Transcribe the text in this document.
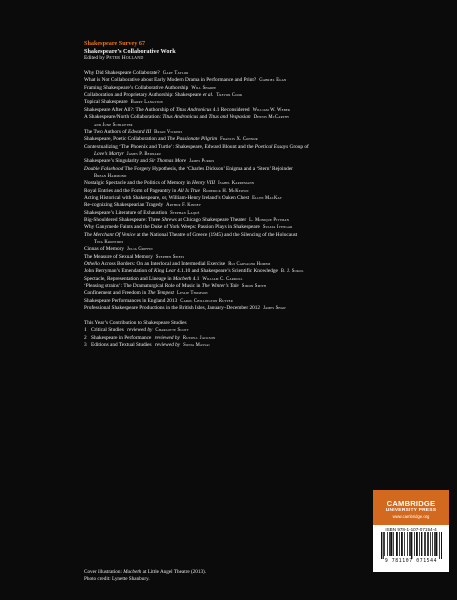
Shakespeare Survey 67
Shakespeare’s Collaborative Work
Edited by Peter Holland
Why Did Shakespeare Collaborate? Gary Taylor
What is Not Collaborative about Early Modern Drama in Performance and Print? Gabriel Egan
Framing Shakespeare’s Collaborative Authorship Will Sharpe
Collaboration and Proprietary Authorship: Shakespeare et al. Trevor Cook
Topical Shakespeare Barry Langston
Shakespeare After All?: The Authorship of Titus Andronicus 4.1 Reconsidered William W. Weber
A Shakespeare/North Collaboration: Titus Andronicus and Titus and Vespasian Dennis McCarthy
and June Schlueter
The Two Authors of Edward III Brian Vickers
Shakespeare, Poetic Collaboration and The Passionate Pilgrim Francis X. Connor
Contextualizing ‘The Phoenix and Turtle’: Shakespeare, Edward Blount and the Poetical Essays Group of
Love’s Martyr James P. Bednarz
Shakespeare’s Singularity and Sir Thomas More James Purkis
Double Falsehood The Forgery Hypothesis, the ‘Charles Dickson’ Enigma and a ‘Stern’ Rejoinder
Brean Hammond
Nostalgic Spectacle and the Politics of Memory in Henry VIII Isabel Karremann
Royal Entries and the Form of Pageantry in All Is True Roderick H. McKeown
Acting Historical with Shakespeare, or, William-Henry Ireland’s Oaken Chest Ellen MacKay
Re-cognizing Shakespearian Tragedy Arthur F. Kinney
Shakespeare’s Literature of Exhaustion Stephan Laqué
Big-Shouldered Shakespeare: Three Shrews at Chicago Shakespeare Theater L. Monique Pittman
Why Ganymede Faints and the Duke of York Weeps: Passion Plays in Shakespeare Sujata Iyengar
The Merchant Of Venice at the National Theatre of Greece (1945) and the Silencing of the Holocaust
Tina Krontiris
Cinnas of Memory Julia Griffin
The Measure of Sexual Memory Stephen Spiess
Othello Across Borders: On an Interlocal and Intermedial Exercise Rui Carvalho Homem
John Berryman’s Emendation of King Lear 4.1.10 and Shakespeare’s Scientific Knowledge B. J. Sokol
Spectacle, Representation and Lineage in Macbeth 4.1 William C. Carroll
‘Pleasing strains’: The Dramaturgical Role of Music in The Winter’s Tale Simon Smith
Confinement and Freedom in The Tempest Leslie Thomson
Shakespeare Performances in England 2013 Carol Chillington Rutter
Professional Shakespeare Productions in the British Isles, January–December 2012 James Shaw
This Year’s Contribution to Shakespeare Studies
1 Critical Studies reviewed by Charlotte Scott
2 Shakespeare in Performance reviewed by Russell Jackson
3 Editions and Textual Studies reviewed by Sonia Massai
Cover illustration: Macbeth at Little Angel Theatre (2013).
Photo credit: Lynette Shanbury.
CAMBRIDGE
UNIVERSITY PRESS
www.cambridge.org
ISBN 978-1-107-07154-4
9 781107 071544
